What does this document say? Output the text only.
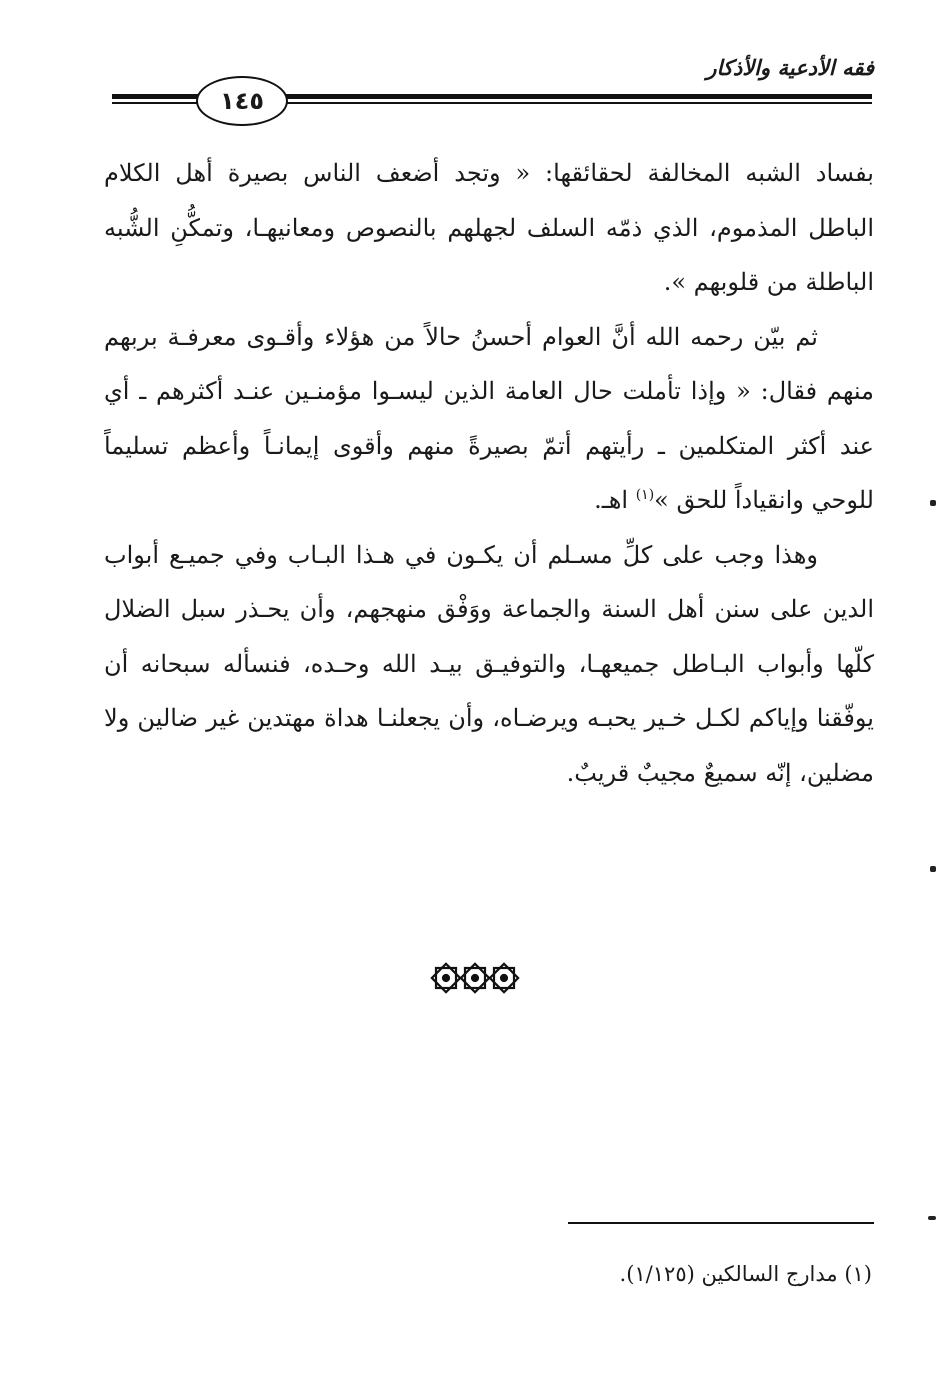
فقه الأدعية والأذكار
١٤٥

بفساد الشبه المخالفة لحقائقها: « وتجد أضعف الناس بصيرة أهل الكلام الباطل المذموم، الذي ذمّه السلف لجهلهم بالنصوص ومعانيهـا، وتمكُّنِ الشُّبه الباطلة من قلوبهم ».

ثم بيّن رحمه الله أنَّ العوام أحسنُ حالاً من هؤلاء وأقـوى معرفـة بربهم منهم فقال: « وإذا تأملت حال العامة الذين ليسـوا مؤمنـين عنـد أكثرهم ـ أي عند أكثر المتكلمين ـ رأيتهم أتمّ بصيرةً منهم وأقوى إيمانـاً وأعظم تسليماً للوحي وانقياداً للحق »$^{(١)}$ اهـ.

وهذا وجب على كلِّ مسـلم أن يكـون في هـذا البـاب وفي جميـع أبواب الدين على سنن أهل السنة والجماعة ووَفْق منهجهم، وأن يحـذر سبل الضلال كلّها وأبواب البـاطل جميعهـا، والتوفيـق بيـد الله وحـده، فنسأله سبحانه أن يوفّقنا وإياكم لكـل خـير يحبـه ويرضـاه، وأن يجعلنـا هداة مهتدين غير ضالين ولا مضلين، إنّه سميعٌ مجيبٌ قريبٌ.

(١) مدارج السالكين (١/١٢٥).
